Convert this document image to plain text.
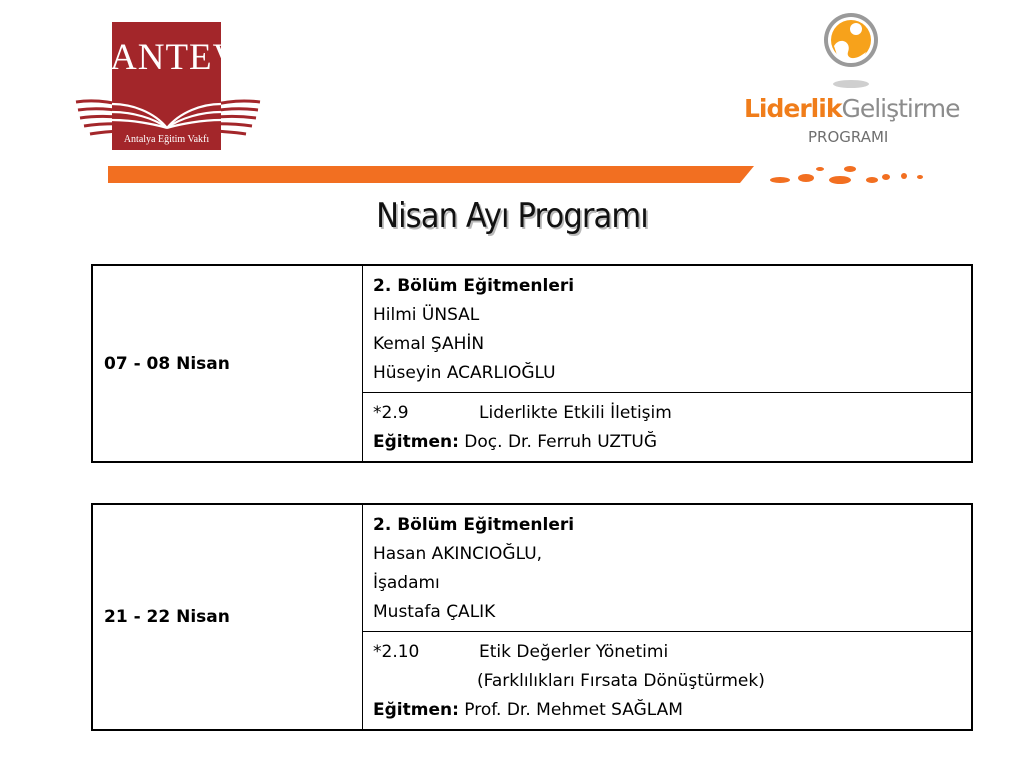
ANTEV
Antalya Eğitim Vakfı
LiderlikGeliştirme
PROGRAMI
Nisan Ayı Programı
07 - 08 Nisan	
2. Bölüm Eğitmenleri
Hilmi ÜNSAL
Kemal ŞAHİN
Hüseyin ACARLIOĞLU

*2.9	Liderlikte Etkili İletişim
Eğitmen: Doç. Dr. Ferruh UZTUĞ
21 - 22 Nisan	
2. Bölüm Eğitmenleri
Hasan AKINCIOĞLU,
İşadamı
Mustafa ÇALIK

*2.10	Etik Değerler Yönetimi
(Farklılıkları Fırsata Dönüştürmek)
Eğitmen: Prof. Dr. Mehmet SAĞLAM
